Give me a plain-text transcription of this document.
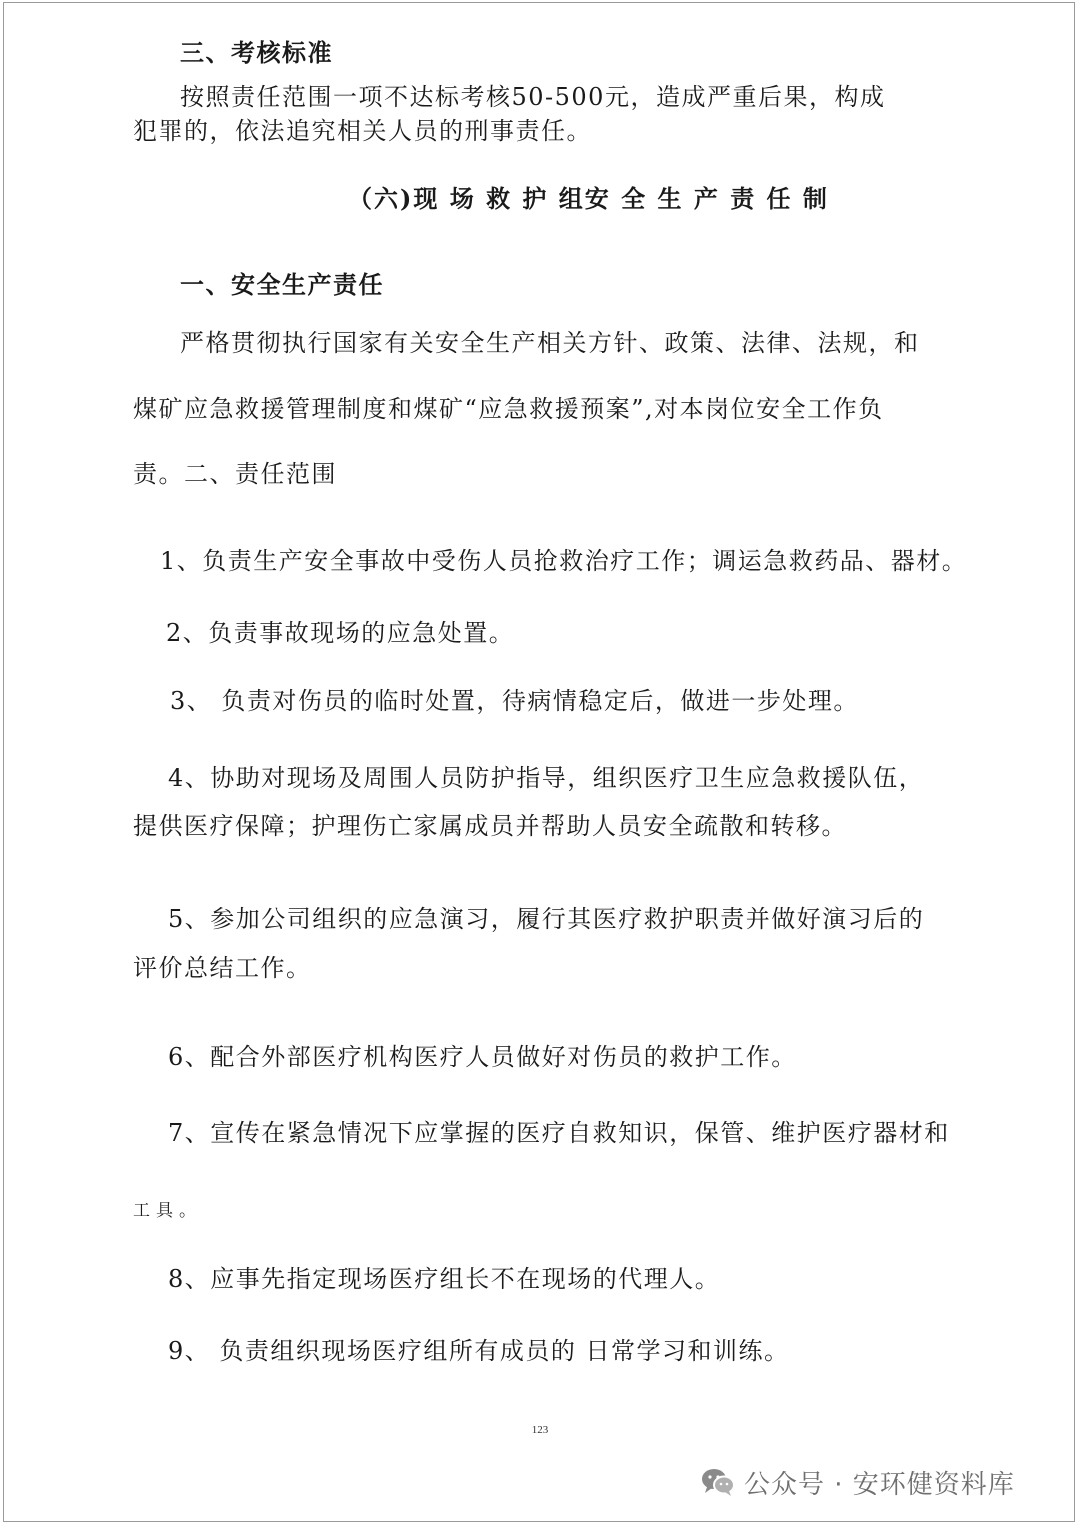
三、考核标准
按照责任范围一项不达标考核50-500元，造成严重后果，构成
犯罪的，依法追究相关人员的刑事责任。
（六)现 场 救 护 组安 全 生 产 责 任 制
一、安全生产责任
严格贯彻执行国家有关安全生产相关方针、政策、法律、法规，和
煤矿应急救援管理制度和煤矿“应急救援预案”,对本岗位安全工作负
责。二、责任范围
1、负责生产安全事故中受伤人员抢救治疗工作；调运急救药品、器材。
2、负责事故现场的应急处置。
3、 负责对伤员的临时处置，待病情稳定后，做进一步处理。
4、协助对现场及周围人员防护指导，组织医疗卫生应急救援队伍，
提供医疗保障；护理伤亡家属成员并帮助人员安全疏散和转移。
5、参加公司组织的应急演习，履行其医疗救护职责并做好演习后的
评价总结工作。
6、配合外部医疗机构医疗人员做好对伤员的救护工作。
7、宣传在紧急情况下应掌握的医疗自救知识，保管、维护医疗器材和
工具。
8、应事先指定现场医疗组长不在现场的代理人。
9、 负责组织现场医疗组所有成员的 日常学习和训练。
123
公众号 · 安环健资料库
